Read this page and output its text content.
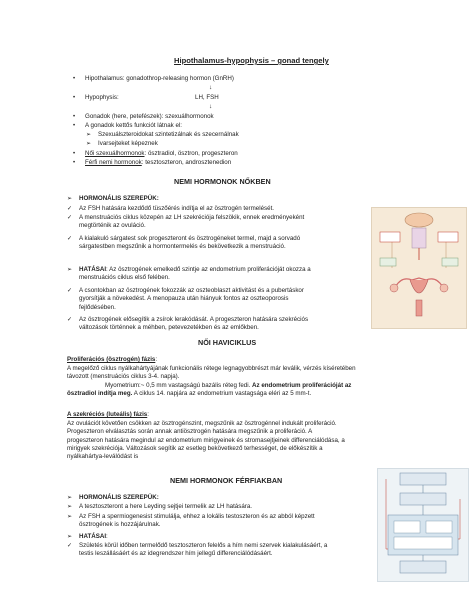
Hipothalamus-hypophysis – gonad tengely
• Hipothalamus: gonadothrop-releasing hormon (GnRH)
↓
• Hypophysis:	LH, FSH
↓
• Gonadok (here, petefészek): szexuálhormonok
• A gonadok kettős funkciót látnak el:
➢ Szexuálszteroidokat szintetizálnak és szecernálnak
➢ Ivarsejteket képeznek
• Női szexuálhormonok: ösztradiol, ösztron, progeszteron
• Férfi nemi hormonok: tesztoszteron, androsztenedion
NEMI HORMONOK NŐKBEN
➢ HORMONÁLIS SZEREPÜK:
✓ Az FSH hatására kezdődő tüszőérés indítja el az ösztrogén termelését.
✓ A menstruációs ciklus közepén az LH szekréciója felszökik, ennek eredményeként
megtörténik az ovuláció.
✓ A kialakuló sárgatest sok progeszteront és ösztrogéneket termel, majd a sorvadó
sárgatestben megszűnik a hormontermelés és bekövetkezik a menstruáció.
➢ HATÁSAI: Az ösztrogének emelkedő szintje az endometrium proliferációját okozza a
menstruációs ciklus első felében.
✓ A csontokban az ösztrogének fokozzák az oszteoblaszt aktivitást és a pubertáskor
gyorsítják a növekedést. A menopauza után hiányuk fontos az oszteoporosis
fejlődésében.
✓ Az ösztrogének elősegítik a zsírok lerakódását. A progeszteron hatására szekréciós
változások történnek a méhben, petevezetékben és az emlőkben.
NŐI HAVICIKLUS
Proliferációs (ösztrogén) fázis:
A megelőző ciklus nyálkahártyájának funkcionális rétege legnagyobbrészt már leválik, vérzés kíséretében
távozott (menstruációs ciklus 3-4. napja).
Myometrium:~ 0,5 mm vastagságú bazális réteg fedi. Az endometrium proliferációját az
ösztradiol indítja meg. A ciklus 14. napjára az endometrium vastagsága eléri az 5 mm-t.
A szekréciós (luteális) fázis:
Az ovulációt követően csökken az ösztrogénszint, megszűnik az ösztrogénnel indukált proliferáció.
Progeszteron elválasztás során annak antiösztrogén hatására megszűnik a proliferáció. A
progeszteron hatására megindul az endometrium mirigyeinek és stromasejtjeinek differenciálódása, a
mirigyek szekréciója. Változások segítik az esetleg bekövetkező terhességet, de előkészítik a
nyálkahártya-leválódást is
NEMI HORMONOK FÉRFIAKBAN
➢ HORMONÁLIS SZEREPÜK:
➢ A tesztoszteront a here Leyding sejtjei termelik az LH hatására.
➢ Az FSH a spermiogenesist stimulálja, ehhez a lokális testoszteron és az abból képzett
ösztrogének is hozzájárulnak.
➢ HATÁSAI:
✓ Születés körül időben termelődő tesztoszteron felelős a hím nemi szervek kialakulásáért, a
testis leszállásáért és az idegrendszer hím jellegű differenciálódásáért.
